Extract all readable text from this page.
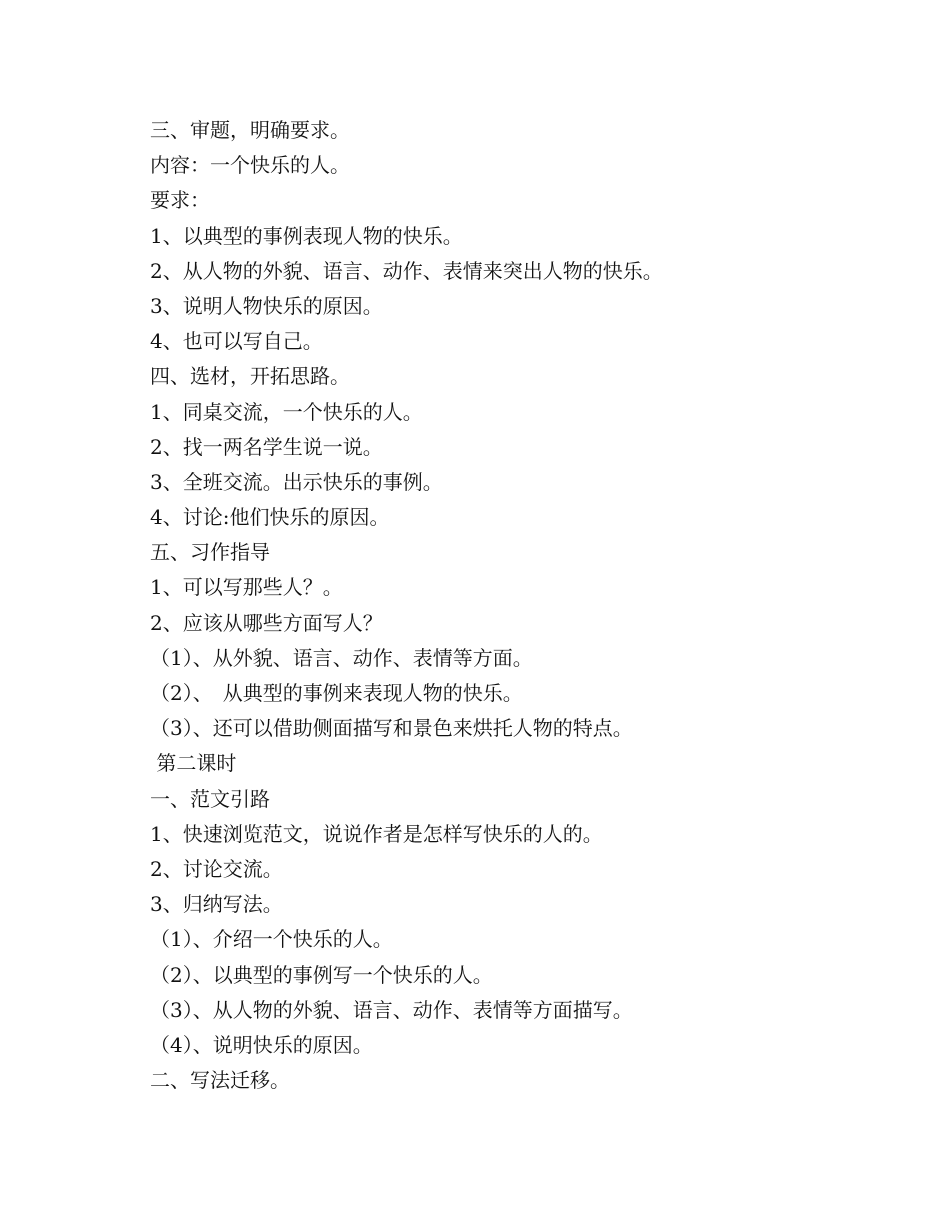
三、审题，明确要求。

内容：一个快乐的人。

要求：

1、以典型的事例表现人物的快乐。

2、从人物的外貌、语言、动作、表情来突出人物的快乐。

3、说明人物快乐的原因。

4、也可以写自己。

四、选材，开拓思路。

1、同桌交流，一个快乐的人。

2、找一两名学生说一说。

3、全班交流。出示快乐的事例。

4、讨论:他们快乐的原因。

五、习作指导

1、可以写那些人？。

2、应该从哪些方面写人？

（1）、从外貌、语言、动作、表情等方面。

（2）、　从典型的事例来表现人物的快乐。

（3）、还可以借助侧面描写和景色来烘托人物的特点。

第二课时

一、范文引路

1、快速浏览范文，说说作者是怎样写快乐的人的。

2、讨论交流。

3、归纳写法。

（1）、介绍一个快乐的人。

（2）、以典型的事例写一个快乐的人。

（3）、从人物的外貌、语言、动作、表情等方面描写。

（4）、说明快乐的原因。

二、写法迁移。
